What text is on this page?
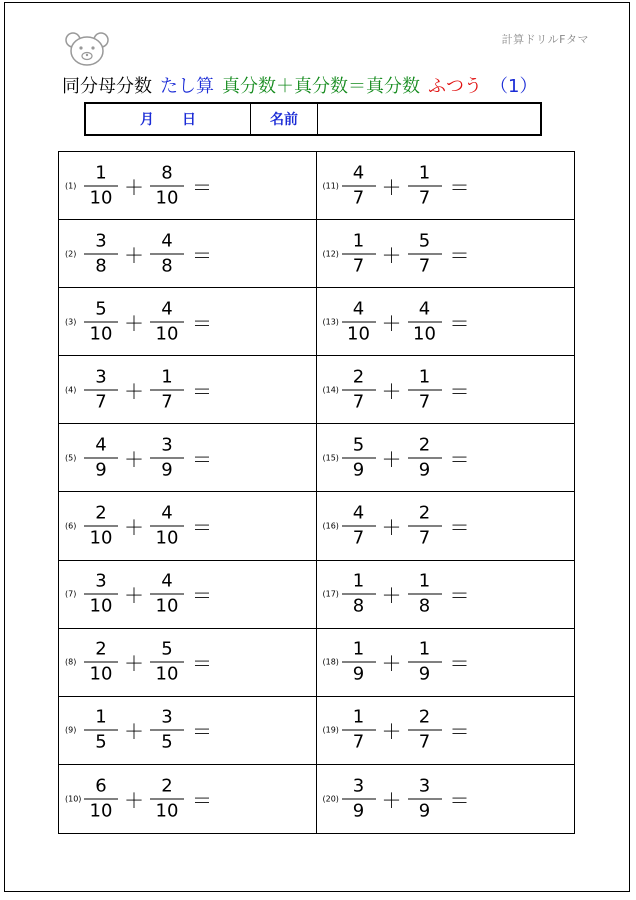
計算ドリルFタマ
同分母分数 たし算 真分数＋真分数＝真分数 ふつう （1）
月 日	名前
$(1) \frac{1}{10} + \frac{8}{10}$ ＝	$(11) \frac{4}{7} + \frac{1}{7}$ ＝
$(2) \frac{3}{8} + \frac{4}{8}$ ＝	$(12) \frac{1}{7} + \frac{5}{7}$ ＝
$(3) \frac{5}{10} + \frac{4}{10}$ ＝	$(13) \frac{4}{10} + \frac{4}{10}$ ＝
$(4) \frac{3}{7} + \frac{1}{7}$ ＝	$(14) \frac{2}{7} + \frac{1}{7}$ ＝
$(5) \frac{4}{9} + \frac{3}{9}$ ＝	$(15) \frac{5}{9} + \frac{2}{9}$ ＝
$(6) \frac{2}{10} + \frac{4}{10}$ ＝	$(16) \frac{4}{7} + \frac{2}{7}$ ＝
$(7) \frac{3}{10} + \frac{4}{10}$ ＝	$(17) \frac{1}{8} + \frac{1}{8}$ ＝
$(8) \frac{2}{10} + \frac{5}{10}$ ＝	$(18) \frac{1}{9} + \frac{1}{9}$ ＝
$(9) \frac{1}{5} + \frac{3}{5}$ ＝	$(19) \frac{1}{7} + \frac{2}{7}$ ＝
$(10) \frac{6}{10} + \frac{2}{10}$ ＝	$(20) \frac{3}{9} + \frac{3}{9}$ ＝
